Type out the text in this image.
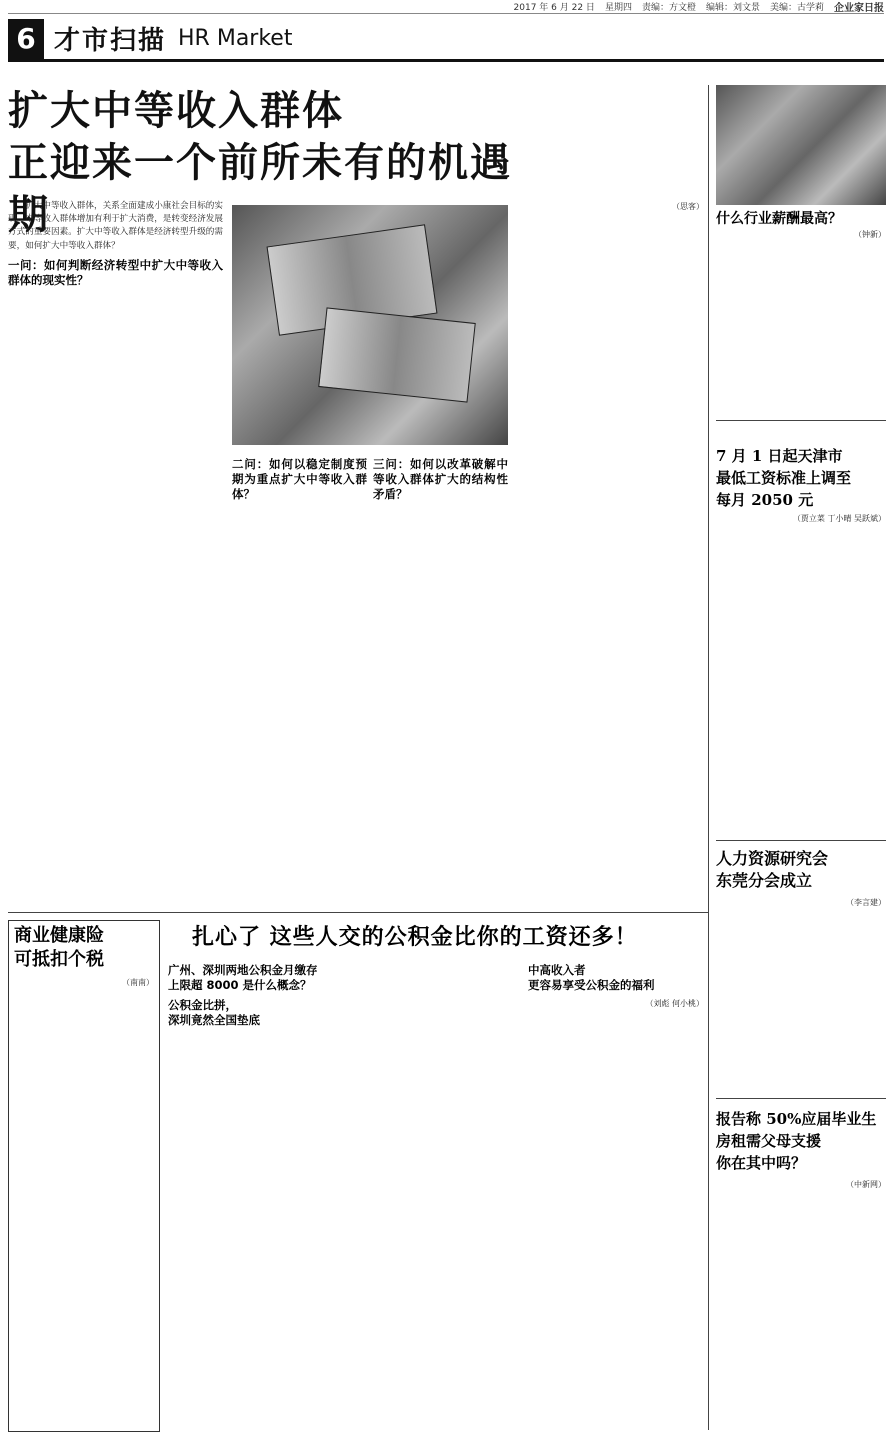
2017 年 6 月 22 日 星期四 责编：方文橙 编辑：刘文景 美编：古学莉 企业家日报
6 才市扫描 HR Market
扩大中等收入群体
正迎来一个前所未有的机遇期

扩大中等收入群体，关系全面建成小康社会目标的实现。中等收入群体增加有利于扩大消费，是转变经济发展方式的重要因素。扩大中等收入群体是经济转型升级的需要，如何扩大中等收入群体？

一问：如何判断经济转型中扩大中等收入群体的现实性？
二问：如何以稳定制度预期为重点扩大中等收入群体？
三问：如何以改革破解中等收入群体扩大的结构性矛盾？

（思客）

什么行业薪酬最高？

（钟新）

7 月 1 日起天津市
最低工资标准上调至
每月 2050 元

（贾立菜 丁小晴 吴跃斌）

人力资源研究会
东莞分会成立

（李言建）

报告称 50%应届毕业生
房租需父母支援
你在其中吗？

（中新网）

商业健康险
可抵扣个税

（南南）

扎心了 这些人交的公积金比你的工资还多！
广州、深圳两地公积金月缴存
上限超 8000 是什么概念？
公积金比拼，
深圳竟然全国垫底
中高收入者
更容易享受公积金的福利

（刘彪 何小桃）
